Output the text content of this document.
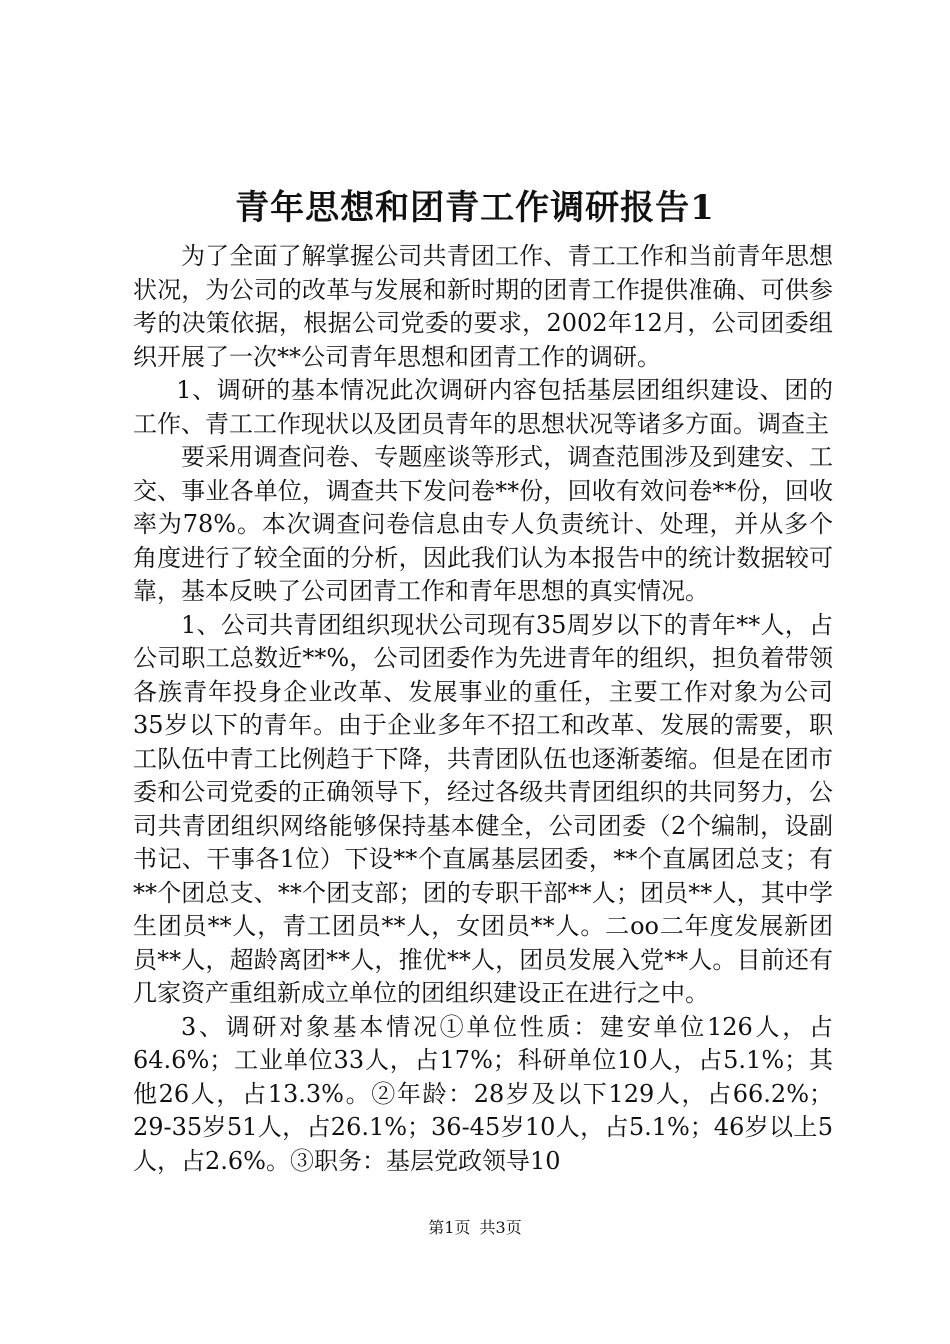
青年思想和团青工作调研报告1

为了全面了解掌握公司共青团工作、青工工作和当前青年思想状况，为公司的改革与发展和新时期的团青工作提供准确、可供参考的决策依据，根据公司党委的要求，2002年12月，公司团委组织开展了一次**公司青年思想和团青工作的调研。

1、调研的基本情况此次调研内容包括基层团组织建设、团的工作、青工工作现状以及团员青年的思想状况等诸多方面。调查主

要采用调查问卷、专题座谈等形式，调查范围涉及到建安、工交、事业各单位，调查共下发问卷**份，回收有效问卷**份，回收率为78%。本次调查问卷信息由专人负责统计、处理，并从多个角度进行了较全面的分析，因此我们认为本报告中的统计数据较可靠，基本反映了公司团青工作和青年思想的真实情况。

1、公司共青团组织现状公司现有35周岁以下的青年**人，占公司职工总数近**%，公司团委作为先进青年的组织，担负着带领各族青年投身企业改革、发展事业的重任，主要工作对象为公司35岁以下的青年。由于企业多年不招工和改革、发展的需要，职工队伍中青工比例趋于下降，共青团队伍也逐渐萎缩。但是在团市委和公司党委的正确领导下，经过各级共青团组织的共同努力，公司共青团组织网络能够保持基本健全，公司团委（2个编制，设副书记、干事各1位）下设**个直属基层团委，**个直属团总支；有**个团总支、**个团支部；团的专职干部**人；团员**人，其中学生团员**人，青工团员**人，女团员**人。二oo二年度发展新团员**人，超龄离团**人，推优**人，团员发展入党**人。目前还有几家资产重组新成立单位的团组织建设正在进行之中。

3、调研对象基本情况①单位性质：建安单位126人，占64.6%；工业单位33人，占17%；科研单位10人，占5.1%；其他26人，占13.3%。②年龄：28岁及以下129人，占66.2%；29-35岁51人，占26.1%；36-45岁10人，占5.1%；46岁以上5人，占2.6%。③职务：基层党政领导10

第1页 共3页
